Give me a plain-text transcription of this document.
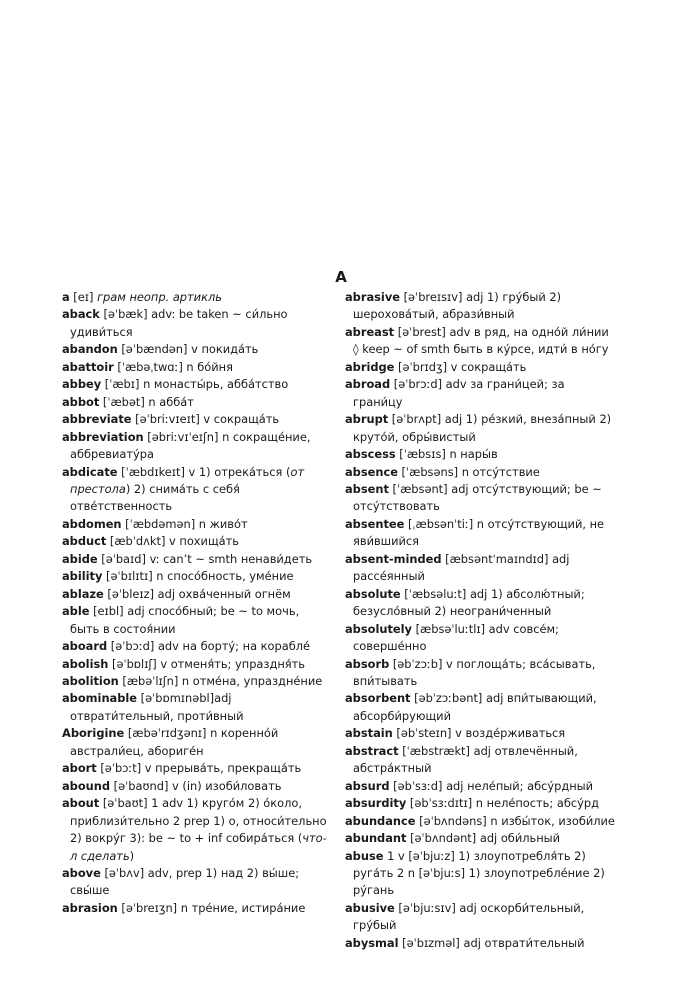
A
a [eɪ] грам неопр. артикль
aback [əˈbæk] adv: be taken ~ си́льно удиви́ться
abandon [əˈbændən] v покида́ть
abattoir [ˈæbəˌtwɑː] n бо́йня
abbey [ˈæbɪ] n монасты́рь, абба́тство
abbot [ˈæbət] n абба́т
abbreviate [əˈbriːvɪeɪt] v сокраща́ть
abbreviation [əbriːvɪˈeɪʃn] n сокраще́ние, аббревиату́ра
abdicate [ˈæbdɪkeɪt] v 1) отрека́ться (от престола) 2) снима́ть с себя́ отве́тственность
abdomen [ˈæbdəmən] n живо́т
abduct [æbˈdʌkt] v похища́ть
abide [əˈbaɪd] v: can’t ~ smth ненави́деть
ability [əˈbɪlɪtɪ] n спосо́бность, уме́ние
ablaze [əˈbleɪz] adj охва́ченный огнём
able [eɪbl] adj спосо́бный; be ~ to мочь, быть в состоя́нии
aboard [əˈbɔːd] adv на борту́; на корабле́
abolish [əˈbɒlɪʃ] v отменя́ть; упраздня́ть
abolition [æbəˈlɪʃn] n отме́на, упраздне́ние
abominable [əˈbɒmɪnəbl]adj отврати́тельный, проти́вный
Aborigine [æbəˈrɪdʒənɪ] n коренно́й австрали́ец, абориге́н
abort [əˈbɔːt] v прерыва́ть, прекраща́ть
abound [əˈbaʊnd] v (in) изоби́ловать
about [əˈbaʊt] 1 adv 1) круго́м 2) о́коло, приблизи́тельно 2 prep 1) о, относи́тельно 2) вокру́г 3): be ~ to + inf собира́ться (что-л сделать)
above [əˈbʌv] adv, prep 1) над 2) вы́ше; свы́ше
abrasion [əˈbreɪʒn] n тре́ние, истира́ние
abrasive [əˈbreɪsɪv] adj 1) гру́бый 2) шерохова́тый, абрази́вный
abreast [əˈbrest] adv в ряд, на одно́й ли́нии ◊ keep ~ of smth быть в ку́рсе, идти́ в но́гу
abridge [əˈbrɪdʒ] v сокраща́ть
abroad [əˈbrɔːd] adv за грани́цей; за грани́цу
abrupt [əˈbrʌpt] adj 1) ре́зкий, внеза́пный 2) круто́й, обры́вистый
abscess [ˈæbsɪs] n нары́в
absence [ˈæbsəns] n отсу́тствие
absent [ˈæbsənt] adj отсу́тствующий; be ~ отсу́тствовать
absentee [ˌæbsənˈtiː] n отсу́тствующий, не яви́вшийся
absent-minded [æbsəntˈmaɪndɪd] adj рассе́янный
absolute [ˈæbsəluːt] adj 1) абсолю́тный; безусло́вный 2) неограни́ченный
absolutely [æbsəˈluːtlɪ] adv совсе́м; соверше́нно
absorb [əbˈzɔːb] v поглоща́ть; вса́сывать, впи́тывать
absorbent [əbˈzɔːbənt] adj впи́тывающий, абсорби́рующий
abstain [əbˈsteɪn] v возде́рживаться
abstract [ˈæbstrækt] adj отвлечённый, абстра́ктный
absurd [əbˈsɜːd] adj неле́пый; абсу́рдный
absurdity [əbˈsɜːdɪtɪ] n неле́пость; абсу́рд
abundance [əˈbʌndəns] n избы́ток, изоби́лие
abundant [əˈbʌndənt] adj оби́льный
abuse 1 v [əˈbjuːz] 1) злоупотребля́ть 2) руга́ть 2 n [əˈbjuːs] 1) злоупотребле́ние 2) ру́гань
abusive [əˈbjuːsɪv] adj оскорби́тельный, гру́бый
abysmal [əˈbɪzməl] adj отврати́тельный
